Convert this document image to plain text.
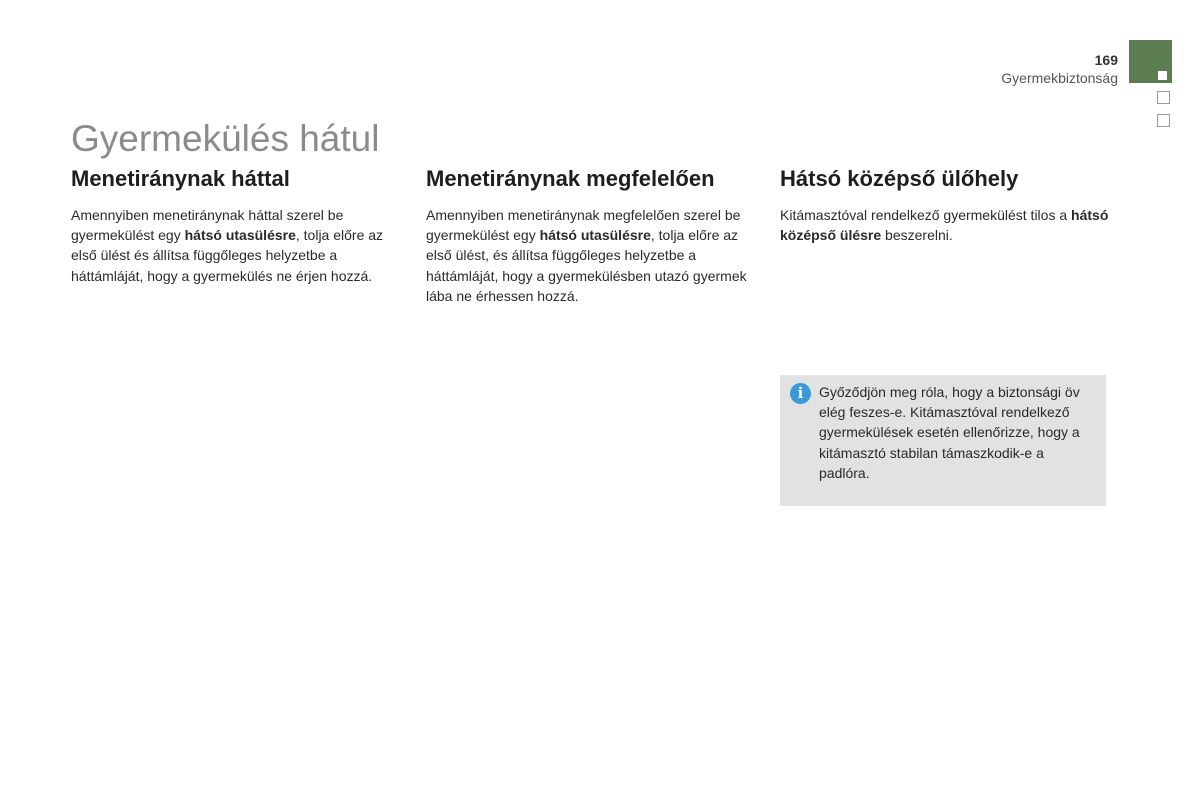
169
Gyermekbiztonság
Gyermekülés hátul
Menetiránynak háttal

Amennyiben menetiránynak háttal szerel be gyermekülést egy hátsó utasülésre, tolja előre az első ülést és állítsa függőleges helyzetbe a háttámláját, hogy a gyermekülés ne érjen hozzá.

Menetiránynak megfelelően

Amennyiben menetiránynak megfelelően szerel be gyermekülést egy hátsó utasülésre, tolja előre az első ülést, és állítsa függőleges helyzetbe a háttámláját, hogy a gyermekülésben utazó gyermek lába ne érhessen hozzá.

Hátsó középső ülőhely

Kitámasztóval rendelkező gyermekülést tilos a hátsó középső ülésre beszerelni.

i	Győződjön meg róla, hogy a biztonsági öv elég feszes-e. Kitámasztóval rendelkező gyermekülések esetén ellenőrizze, hogy a kitámasztó stabilan támaszkodik-e a padlóra.
